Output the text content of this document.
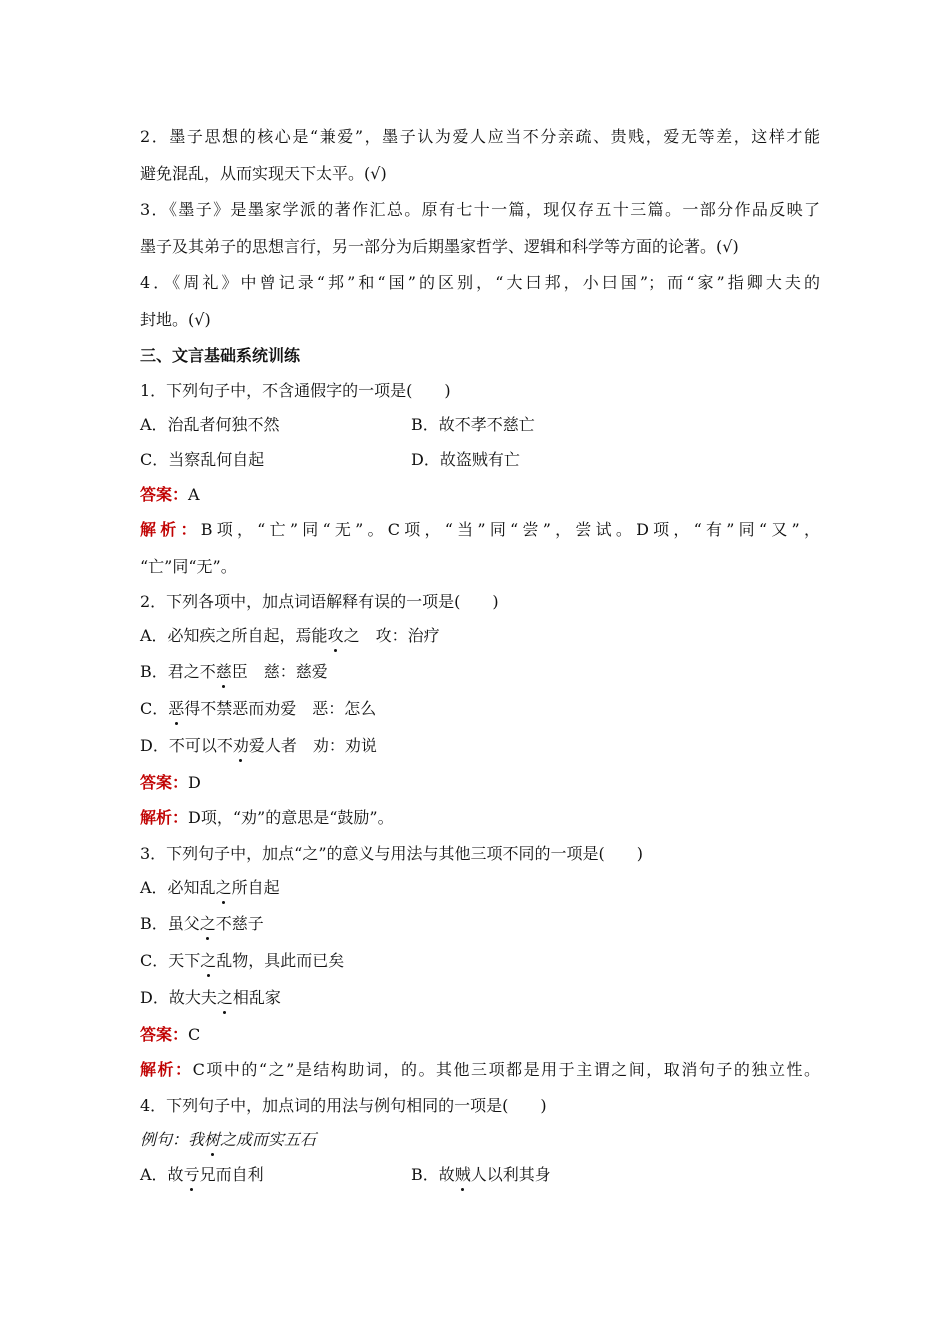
2．墨子思想的核心是“兼爱”，墨子认为爱人应当不分亲疏、贵贱，爱无等差，这样才能
避免混乱，从而实现天下太平。(√)
3．《墨子》是墨家学派的著作汇总。原有七十一篇，现仅存五十三篇。一部分作品反映了
墨子及其弟子的思想言行，另一部分为后期墨家哲学、逻辑和科学等方面的论著。(√)
4．《周礼》中曾记录“邦”和“国”的区别，“大曰邦，小曰国”；而“家”指卿大夫的
封地。(√)
三、文言基础系统训练
1．下列句子中，不含通假字的一项是(　　)
A．治乱者何独不然	B．故不孝不慈亡
C．当察乱何自起	D．故盗贼有亡
答案：A
解析：B项，“亡”同“无”。C项，“当”同“尝”，尝试。D项，“有”同“又”，
“亡”同“无”。
2．下列各项中，加点词语解释有误的一项是(　　)
A．必知疾之所自起，焉能攻之　攻：治疗
B．君之不慈臣　慈：慈爱
C．恶得不禁恶而劝爱　恶：怎么
D．不可以不劝爱人者　劝：劝说
答案：D
解析：D项，“劝”的意思是“鼓励”。
3．下列句子中，加点“之”的意义与用法与其他三项不同的一项是(　　)
A．必知乱之所自起
B．虽父之不慈子
C．天下之乱物，具此而已矣
D．故大夫之相乱家
答案：C
解析：C项中的“之”是结构助词，的。其他三项都是用于主谓之间，取消句子的独立性。
4．下列句子中，加点词的用法与例句相同的一项是(　　)
例句：我树之成而实五石
A．故亏兄而自利	B．故贼人以利其身
